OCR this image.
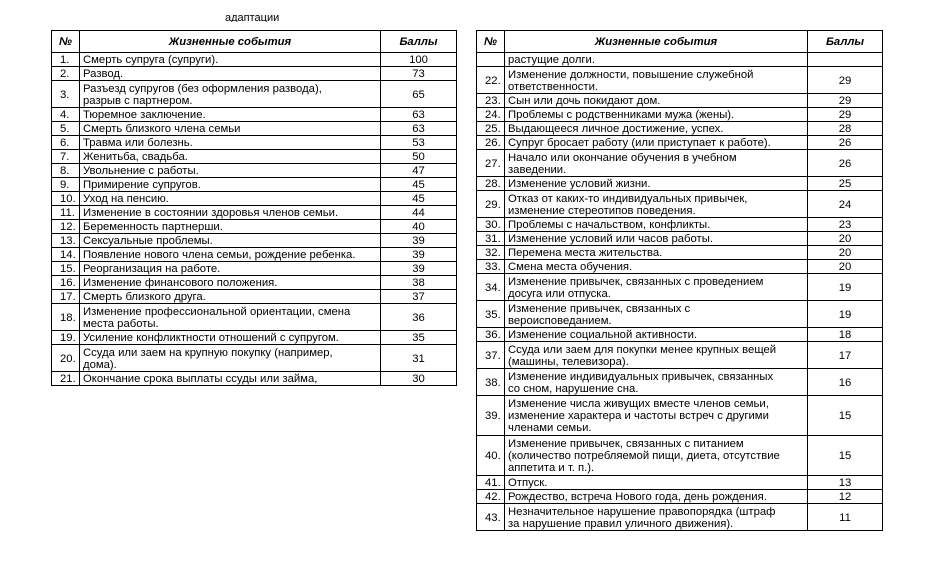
адаптации
№	Жизненные события	Баллы
1.	Смерть супруга (супруги).	100
2.	Развод.	73
3.	Разъезд супругов (без оформления развода),
разрыв с партнером.	65
4.	Тюремное заключение.	63
5.	Смерть близкого члена семьи	63
6.	Травма или болезнь.	53
7.	Женитьба, свадьба.	50
8.	Увольнение с работы.	47
9.	Примирение супругов.	45
10.	Уход на пенсию.	45
11.	Изменение в состоянии здоровья членов семьи.	44
12.	Беременность партнерши.	40
13.	Сексуальные проблемы.	39
14.	Появление нового члена семьи, рождение ребенка.	39
15.	Реорганизация на работе.	39
16.	Изменение финансового положения.	38
17.	Смерть близкого друга.	37
18.	Изменение профессиональной ориентации, смена
места работы.	36
19.	Усиление конфликтности отношений с супругом.	35
20.	Ссуда или заем на крупную покупку (например,
дома).	31
21.	Окончание срока выплаты ссуды или займа,	30
№	Жизненные события	Баллы

	растущие долги.	

22.	Изменение должности, повышение служебной
ответственности.	29
23.	Сын или дочь покидают дом.	29
24.	Проблемы с родственниками мужа (жены).	29
25.	Выдающееся личное достижение, успех.	28
26.	Супруг бросает работу (или приступает к работе).	26
27.	Начало или окончание обучения в учебном
заведении.	26
28.	Изменение условий жизни.	25
29.	Отказ от каких-то индивидуальных привычек,
изменение стереотипов поведения.	24
30.	Проблемы с начальством, конфликты.	23
31.	Изменение условий или часов работы.	20
32.	Перемена места жительства.	20
33.	Смена места обучения.	20
34.	Изменение привычек, связанных с проведением
досуга или отпуска.	19
35.	Изменение привычек, связанных с
вероисповеданием.	19
36.	Изменение социальной активности.	18
37.	Ссуда или заем для покупки менее крупных вещей
(машины, телевизора).	17
38.	Изменение индивидуальных привычек, связанных
со сном, нарушение сна.	16
39.	Изменение числа живущих вместе членов семьи,
изменение характера и частоты встреч с другими
членами семьи.	15
40.	Изменение привычек, связанных с питанием
(количество потребляемой пищи, диета, отсутствие
аппетита и т. п.).	15
41.	Отпуск.	13
42.	Рождество, встреча Нового года, день рождения.	12
43.	Незначительное нарушение правопорядка (штраф
за нарушение правил уличного движения).	11
